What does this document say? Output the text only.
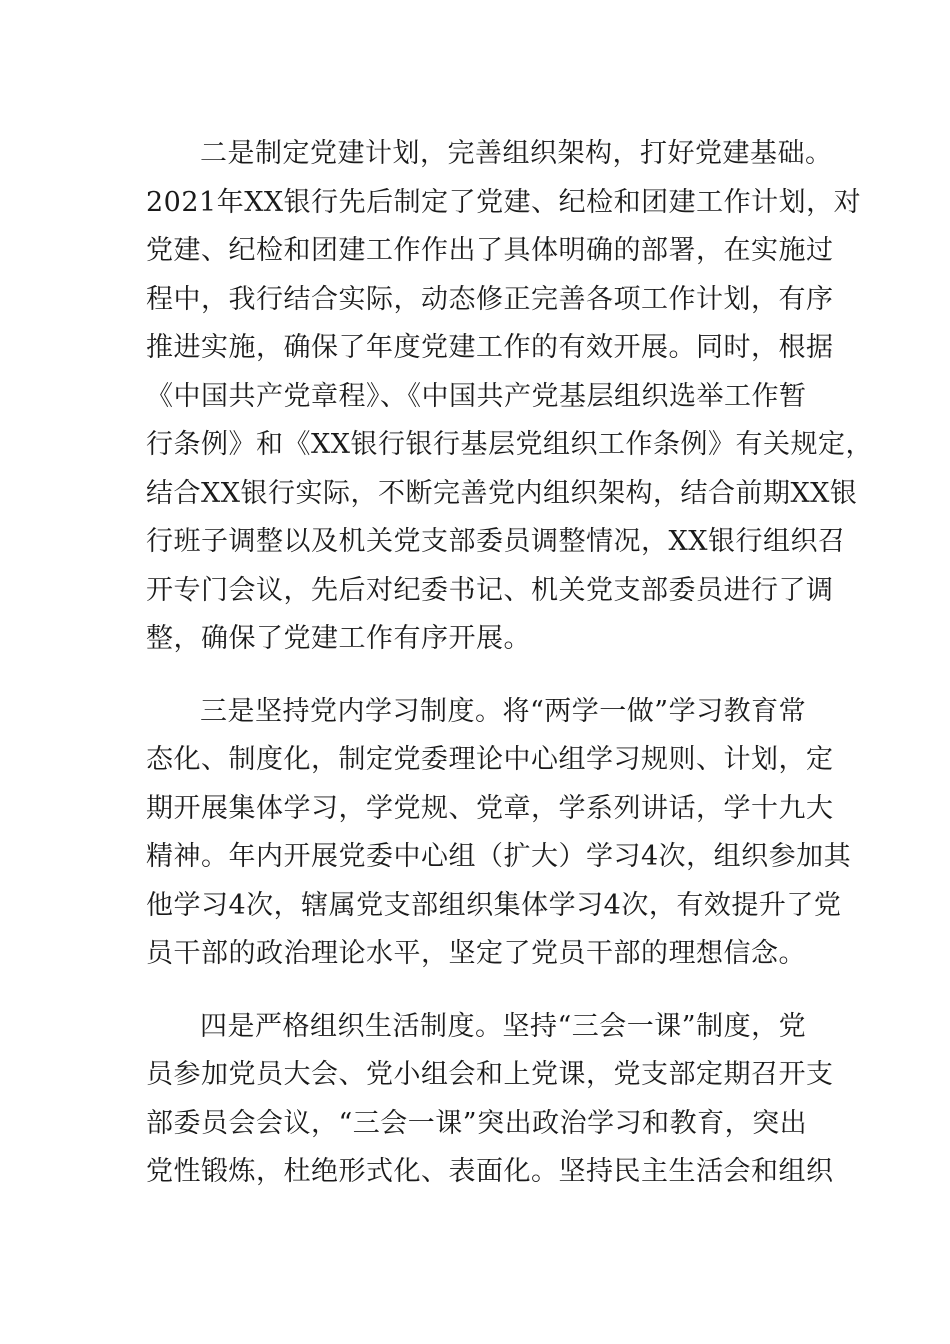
二是制定党建计划，完善组织架构，打好党建基础。
2021年XX银行先后制定了党建、纪检和团建工作计划，对
党建、纪检和团建工作作出了具体明确的部署，在实施过
程中，我行结合实际，动态修正完善各项工作计划，有序
推进实施，确保了年度党建工作的有效开展。同时，根据
《中国共产党章程》、《中国共产党基层组织选举工作暂
行条例》和《XX银行银行基层党组织工作条例》有关规定，
结合XX银行实际，不断完善党内组织架构，结合前期XX银
行班子调整以及机关党支部委员调整情况，XX银行组织召
开专门会议，先后对纪委书记、机关党支部委员进行了调
整，确保了党建工作有序开展。
三是坚持党内学习制度。将“两学一做”学习教育常
态化、制度化，制定党委理论中心组学习规则、计划，定
期开展集体学习，学党规、党章，学系列讲话，学十九大
精神。年内开展党委中心组（扩大）学习4次，组织参加其
他学习4次，辖属党支部组织集体学习4次，有效提升了党
员干部的政治理论水平，坚定了党员干部的理想信念。
四是严格组织生活制度。坚持“三会一课”制度，党
员参加党员大会、党小组会和上党课，党支部定期召开支
部委员会会议，“三会一课”突出政治学习和教育，突出
党性锻炼，杜绝形式化、表面化。坚持民主生活会和组织
